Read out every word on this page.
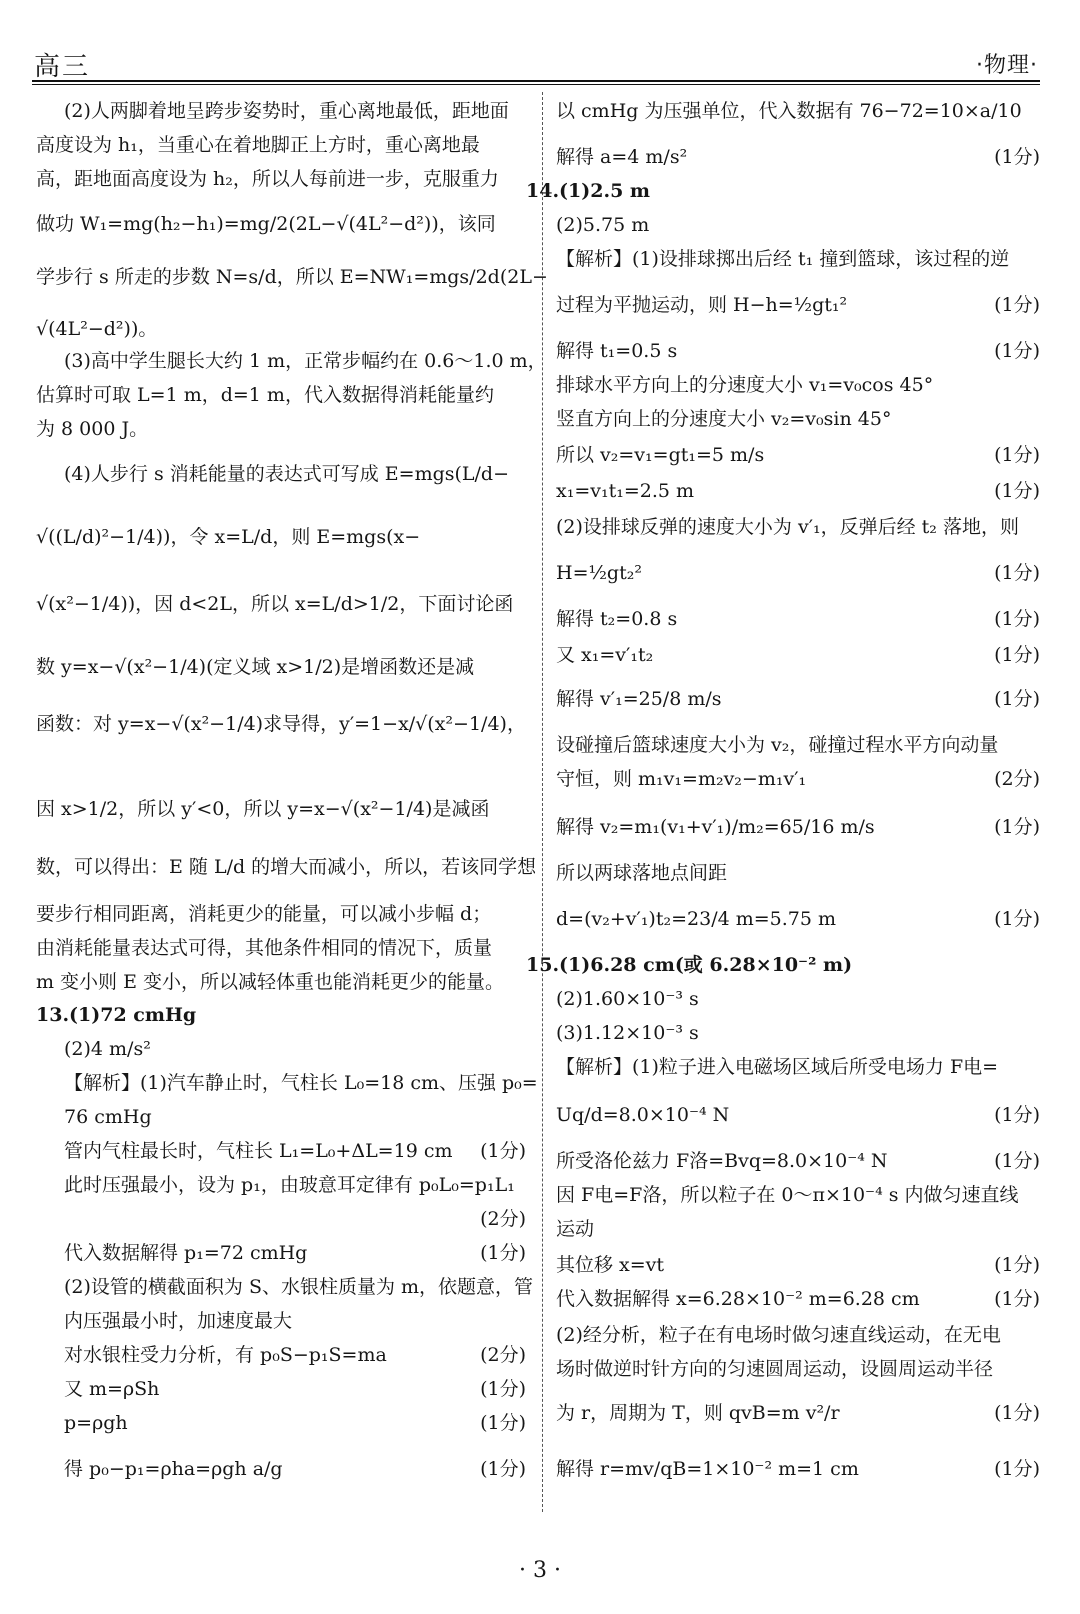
高三	·物理·
(2)人两脚着地呈跨步姿势时，重心离地最低，距地面
高度设为 h₁，当重心在着地脚正上方时，重心离地最
高，距地面高度设为 h₂，所以人每前进一步，克服重力
做功 W₁=mg(h₂−h₁)=mg/2(2L−√(4L²−d²))，该同
学步行 s 所走的步数 N=s/d，所以 E=NW₁=mgs/2d(2L−
√(4L²−d²))。
(3)高中学生腿长大约 1 m，正常步幅约在 0.6～1.0 m，
估算时可取 L=1 m，d=1 m，代入数据得消耗能量约
为 8 000 J。
(4)人步行 s 消耗能量的表达式可写成 E=mgs(L/d−
√((L/d)²−1/4))，令 x=L/d，则 E=mgs(x−
√(x²−1/4))，因 d<2L，所以 x=L/d>1/2，下面讨论函
数 y=x−√(x²−1/4)(定义域 x>1/2)是增函数还是减
函数：对 y=x−√(x²−1/4)求导得，y′=1−x/√(x²−1/4)，
因 x>1/2，所以 y′<0，所以 y=x−√(x²−1/4)是减函
数，可以得出：E 随 L/d 的增大而减小，所以，若该同学想
要步行相同距离，消耗更少的能量，可以减小步幅 d；
由消耗能量表达式可得，其他条件相同的情况下，质量
m 变小则 E 变小，所以减轻体重也能消耗更少的能量。
13.(1)72 cmHg
(2)4 m/s²
【解析】(1)汽车静止时，气柱长 L₀=18 cm、压强 p₀=
76 cmHg
管内气柱最长时，气柱长 L₁=L₀+ΔL=19 cm (1分)
此时压强最小，设为 p₁，由玻意耳定律有 p₀L₀=p₁L₁
(2分)
代入数据解得 p₁=72 cmHg	(1分)
(2)设管的横截面积为 S、水银柱质量为 m，依题意，管
内压强最小时，加速度最大
对水银柱受力分析，有 p₀S−p₁S=ma	(2分)
又 m=ρSh	(1分)
p=ρgh	(1分)
得 p₀−p₁=ρha=ρgh a/g	(1分)
以 cmHg 为压强单位，代入数据有 76−72=10×a/10
解得 a=4 m/s²	(1分)
14.(1)2.5 m
(2)5.75 m
【解析】(1)设排球掷出后经 t₁ 撞到篮球，该过程的逆
过程为平抛运动，则 H−h=½gt₁²	(1分)
解得 t₁=0.5 s	(1分)
排球水平方向上的分速度大小 v₁=v₀cos 45°
竖直方向上的分速度大小 v₂=v₀sin 45°
所以 v₂=v₁=gt₁=5 m/s	(1分)
x₁=v₁t₁=2.5 m	(1分)
(2)设排球反弹的速度大小为 v′₁，反弹后经 t₂ 落地，则
H=½gt₂²	(1分)
解得 t₂=0.8 s	(1分)
又 x₁=v′₁t₂	(1分)
解得 v′₁=25/8 m/s	(1分)
设碰撞后篮球速度大小为 v₂，碰撞过程水平方向动量
守恒，则 m₁v₁=m₂v₂−m₁v′₁	(2分)
解得 v₂=m₁(v₁+v′₁)/m₂=65/16 m/s	(1分)
所以两球落地点间距
d=(v₂+v′₁)t₂=23/4 m=5.75 m	(1分)
15.(1)6.28 cm(或 6.28×10⁻² m)
(2)1.60×10⁻³ s
(3)1.12×10⁻³ s
【解析】(1)粒子进入电磁场区域后所受电场力 F电=
Uq/d=8.0×10⁻⁴ N	(1分)
所受洛伦兹力 F洛=Bvq=8.0×10⁻⁴ N	(1分)
因 F电=F洛，所以粒子在 0～π×10⁻⁴ s 内做匀速直线
运动
其位移 x=vt	(1分)
代入数据解得 x=6.28×10⁻² m=6.28 cm	(1分)
(2)经分析，粒子在有电场时做匀速直线运动，在无电
场时做逆时针方向的匀速圆周运动，设圆周运动半径
为 r，周期为 T，则 qvB=m v²/r	(1分)
解得 r=mv/qB=1×10⁻² m=1 cm	(1分)
· 3 ·
